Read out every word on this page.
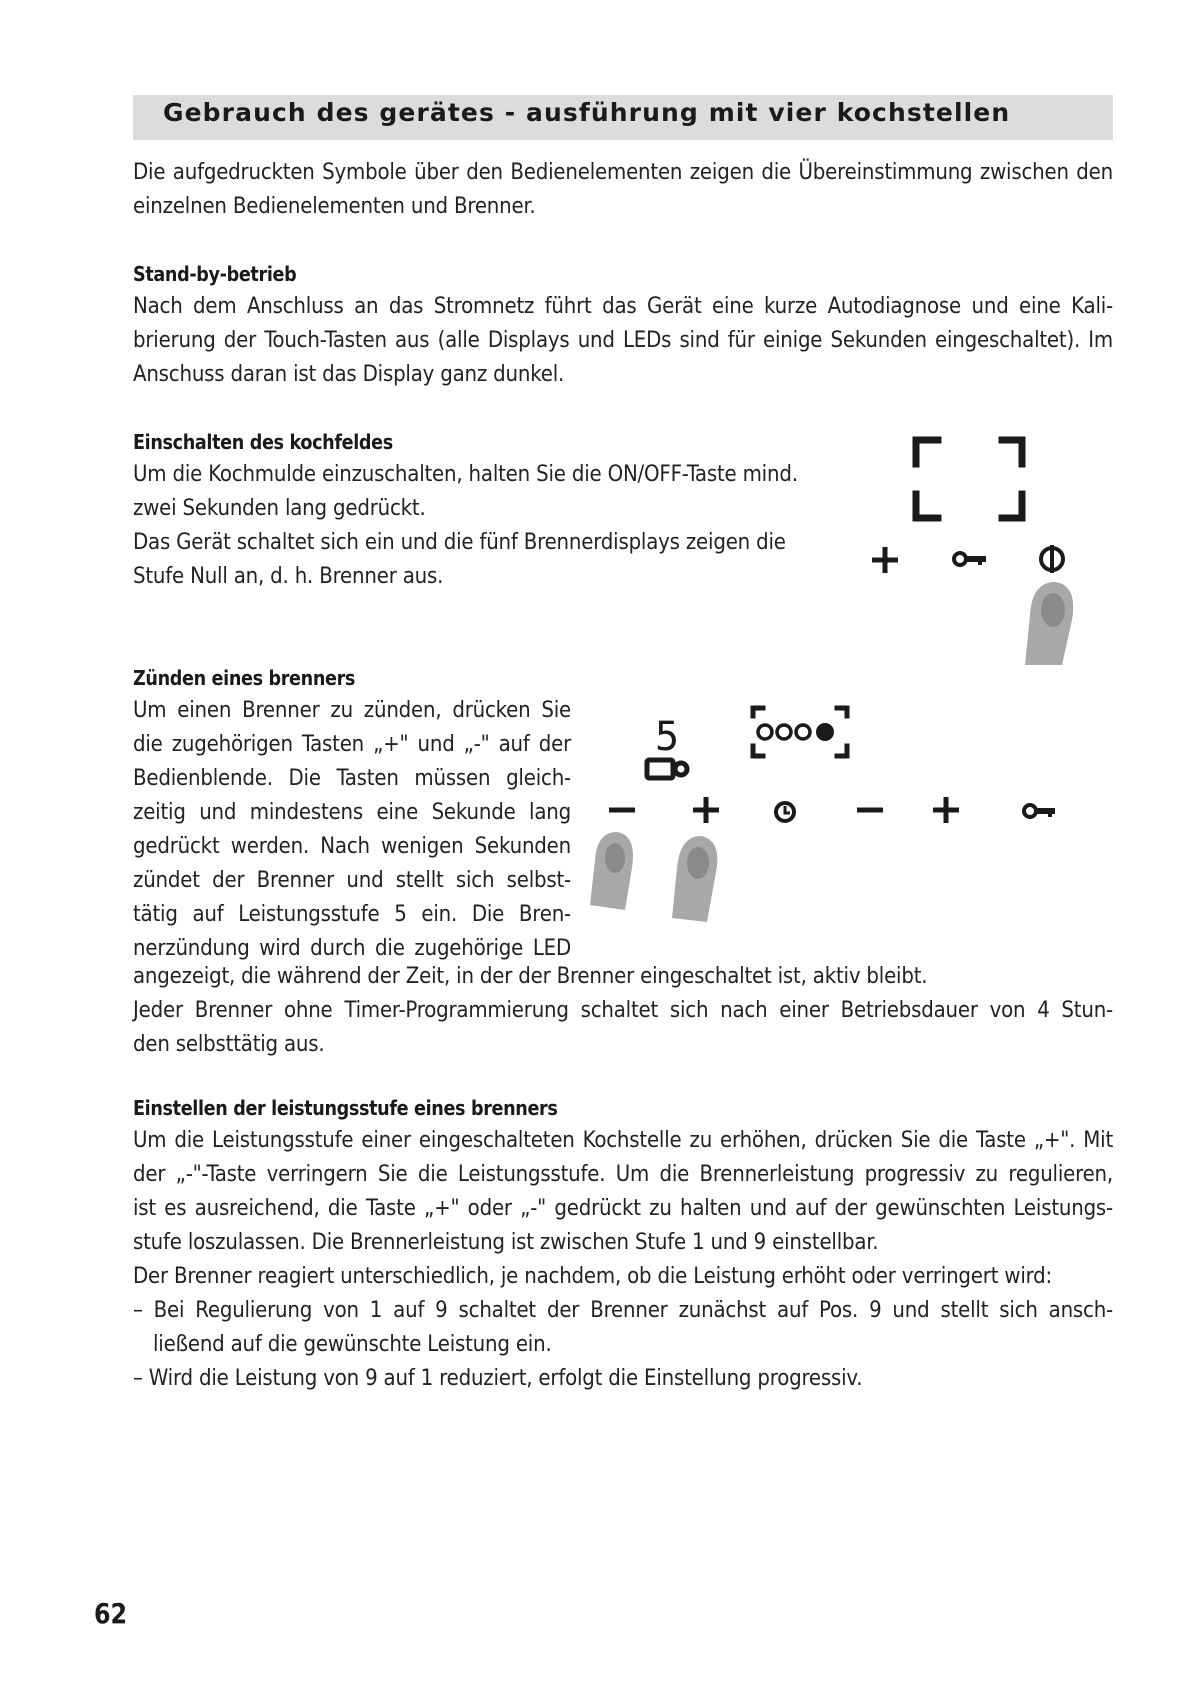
Gebrauch des gerätes - ausführung mit vier kochstellen

Die aufgedruckten Symbole über den Bedienelementen zeigen die Übereinstimmung zwischen den
einzelnen Bedienelementen und Brenner.

Stand-by-betrieb

Nach dem Anschluss an das Stromnetz führt das Gerät eine kurze Autodiagnose und eine Kali-
brierung der Touch-Tasten aus (alle Displays und LEDs sind für einige Sekunden eingeschaltet). Im
Anschuss daran ist das Display ganz dunkel.

Einschalten des kochfeldes

Um die Kochmulde einzuschalten, halten Sie die ON/OFF-Taste mind.
zwei Sekunden lang gedrückt.
Das Gerät schaltet sich ein und die fünf Brennerdisplays zeigen die
Stufe Null an, d. h. Brenner aus.

Zünden eines brenners

Um einen Brenner zu zünden, drücken Sie
die zugehörigen Tasten „+" und „-" auf der
Bedienblende. Die Tasten müssen gleich-
zeitig und mindestens eine Sekunde lang
gedrückt werden. Nach wenigen Sekunden
zündet der Brenner und stellt sich selbst-
tätig auf Leistungsstufe 5 ein. Die Bren-
nerzündung wird durch die zugehörige LED

angezeigt, die während der Zeit, in der der Brenner eingeschaltet ist, aktiv bleibt.
Jeder Brenner ohne Timer-Programmierung schaltet sich nach einer Betriebsdauer von 4 Stun-
den selbsttätig aus.

5
Einstellen der leistungsstufe eines brenners

Um die Leistungsstufe einer eingeschalteten Kochstelle zu erhöhen, drücken Sie die Taste „+". Mit
der „-"-Taste verringern Sie die Leistungsstufe. Um die Brennerleistung progressiv zu regulieren,
ist es ausreichend, die Taste „+" oder „-" gedrückt zu halten und auf der gewünschten Leistungs-
stufe loszulassen. Die Brennerleistung ist zwischen Stufe 1 und 9 einstellbar.
Der Brenner reagiert unterschiedlich, je nachdem, ob die Leistung erhöht oder verringert wird:
– Bei Regulierung von 1 auf 9 schaltet der Brenner zunächst auf Pos. 9 und stellt sich ansch-
ließend auf die gewünschte Leistung ein.
– Wird die Leistung von 9 auf 1 reduziert, erfolgt die Einstellung progressiv.

62
